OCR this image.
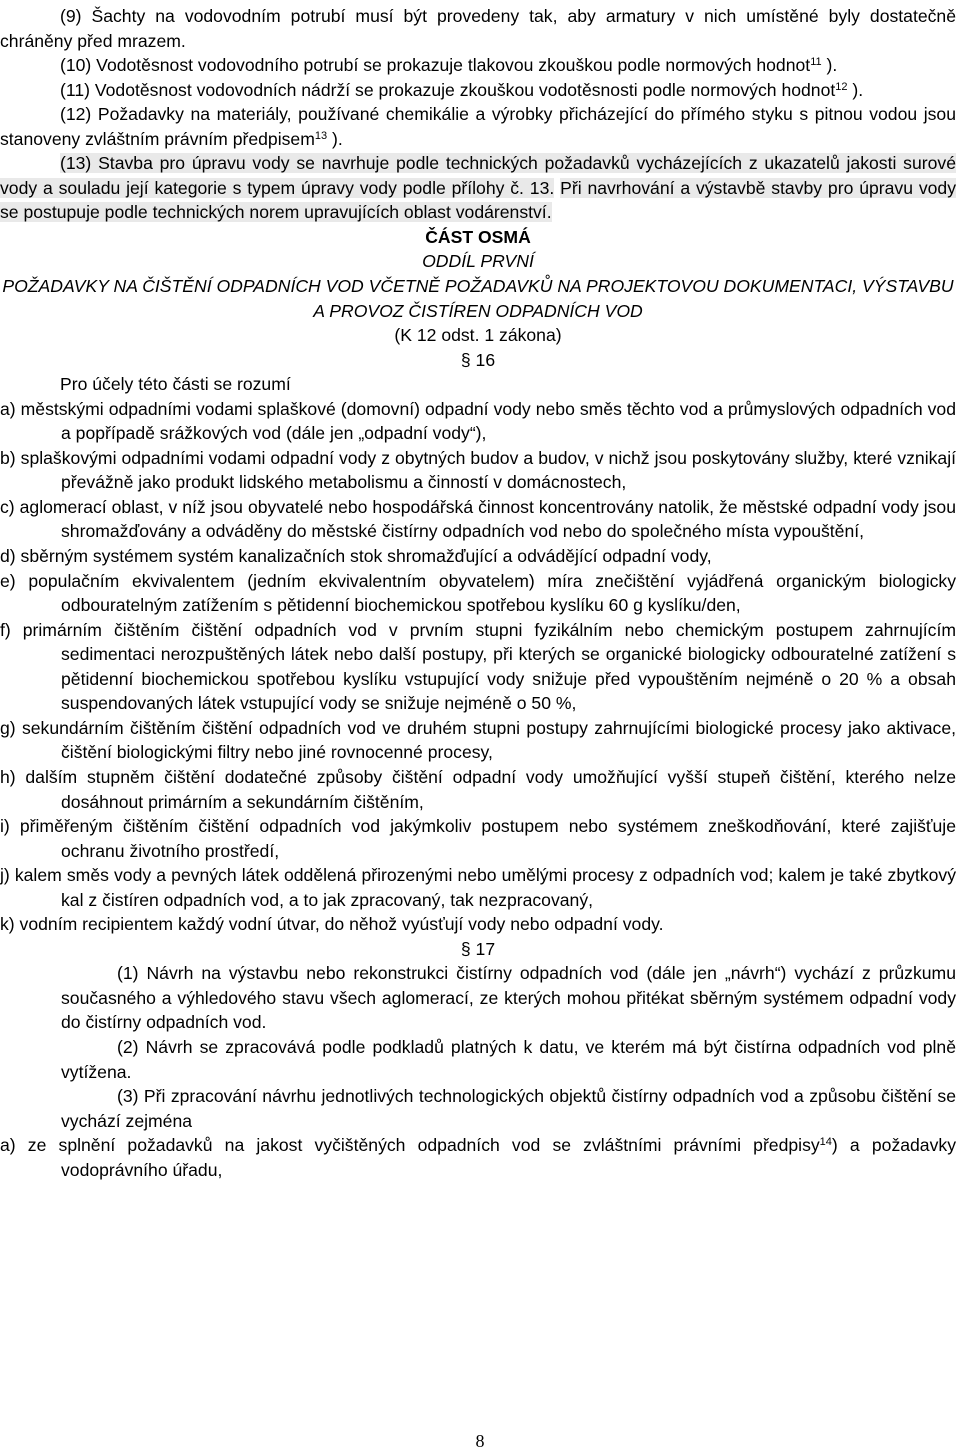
(9) Šachty na vodovodním potrubí musí být provedeny tak, aby armatury v nich umístěné byly dostatečně chráněny před mrazem.

(10) Vodotěsnost vodovodního potrubí se prokazuje tlakovou zkouškou podle normových hodnot$^{11}$ ).

(11) Vodotěsnost vodovodních nádrží se prokazuje zkouškou vodotěsnosti podle normových hodnot$^{12}$ ).

(12) Požadavky na materiály, používané chemikálie a výrobky přicházející do přímého styku s pitnou vodou jsou stanoveny zvláštním právním předpisem$^{13}$ ).

(13) Stavba pro úpravu vody se navrhuje podle technických požadavků vycházejících z ukazatelů jakosti surové vody a souladu její kategorie s typem úpravy vody podle přílohy č. 13. Při navrhování a výstavbě stavby pro úpravu vody se postupuje podle technických norem upravujících oblast vodárenství.

ČÁST OSMÁ

ODDÍL PRVNÍ

POŽADAVKY NA ČIŠTĚNÍ ODPADNÍCH VOD VČETNĚ POŽADAVKŮ NA PROJEKTOVOU DOKUMENTACI, VÝSTAVBU A PROVOZ ČISTÍREN ODPADNÍCH VOD

(K 12 odst. 1 zákona)

§ 16

Pro účely této části se rozumí

a) městskými odpadními vodami splaškové (domovní) odpadní vody nebo směs těchto vod a průmyslových odpadních vod a popřípadě srážkových vod (dále jen „odpadní vody“),

b) splaškovými odpadními vodami odpadní vody z obytných budov a budov, v nichž jsou poskytovány služby, které vznikají převážně jako produkt lidského metabolismu a činností v domácnostech,

c) aglomerací oblast, v níž jsou obyvatelé nebo hospodářská činnost koncentrovány natolik, že městské odpadní vody jsou shromažďovány a odváděny do městské čistírny odpadních vod nebo do společného místa vypouštění,

d) sběrným systémem systém kanalizačních stok shromažďující a odvádějící odpadní vody,

e) populačním ekvivalentem (jedním ekvivalentním obyvatelem) míra znečištění vyjádřená organickým biologicky odbouratelným zatížením s pětidenní biochemickou spotřebou kyslíku 60 g kyslíku/den,

f) primárním čištěním čištění odpadních vod v prvním stupni fyzikálním nebo chemickým postupem zahrnujícím sedimentaci nerozpuštěných látek nebo další postupy, při kterých se organické biologicky odbouratelné zatížení s pětidenní biochemickou spotřebou kyslíku vstupující vody snižuje před vypouštěním nejméně o 20 % a obsah suspendovaných látek vstupující vody se snižuje nejméně o 50 %,

g) sekundárním čištěním čištění odpadních vod ve druhém stupni postupy zahrnujícími biologické procesy jako aktivace, čištění biologickými filtry nebo jiné rovnocenné procesy,

h) dalším stupněm čištění dodatečné způsoby čištění odpadní vody umožňující vyšší stupeň čištění, kterého nelze dosáhnout primárním a sekundárním čištěním,

i) přiměřeným čištěním čištění odpadních vod jakýmkoliv postupem nebo systémem zneškodňování, které zajišťuje ochranu životního prostředí,

j) kalem směs vody a pevných látek oddělená přirozenými nebo umělými procesy z odpadních vod; kalem je také zbytkový kal z čistíren odpadních vod, a to jak zpracovaný, tak nezpracovaný,

k) vodním recipientem každý vodní útvar, do něhož vyúsťují vody nebo odpadní vody.

§ 17

(1) Návrh na výstavbu nebo rekonstrukci čistírny odpadních vod (dále jen „návrh“) vychází z průzkumu současného a výhledového stavu všech aglomerací, ze kterých mohou přitékat sběrným systémem odpadní vody do čistírny odpadních vod.

(2) Návrh se zpracovává podle podkladů platných k datu, ve kterém má být čistírna odpadních vod plně vytížena.

(3) Při zpracování návrhu jednotlivých technologických objektů čistírny odpadních vod a způsobu čištění se vychází zejména

a) ze splnění požadavků na jakost vyčištěných odpadních vod se zvláštními právními předpisy$^{14}$) a požadavky vodoprávního úřadu,

8
